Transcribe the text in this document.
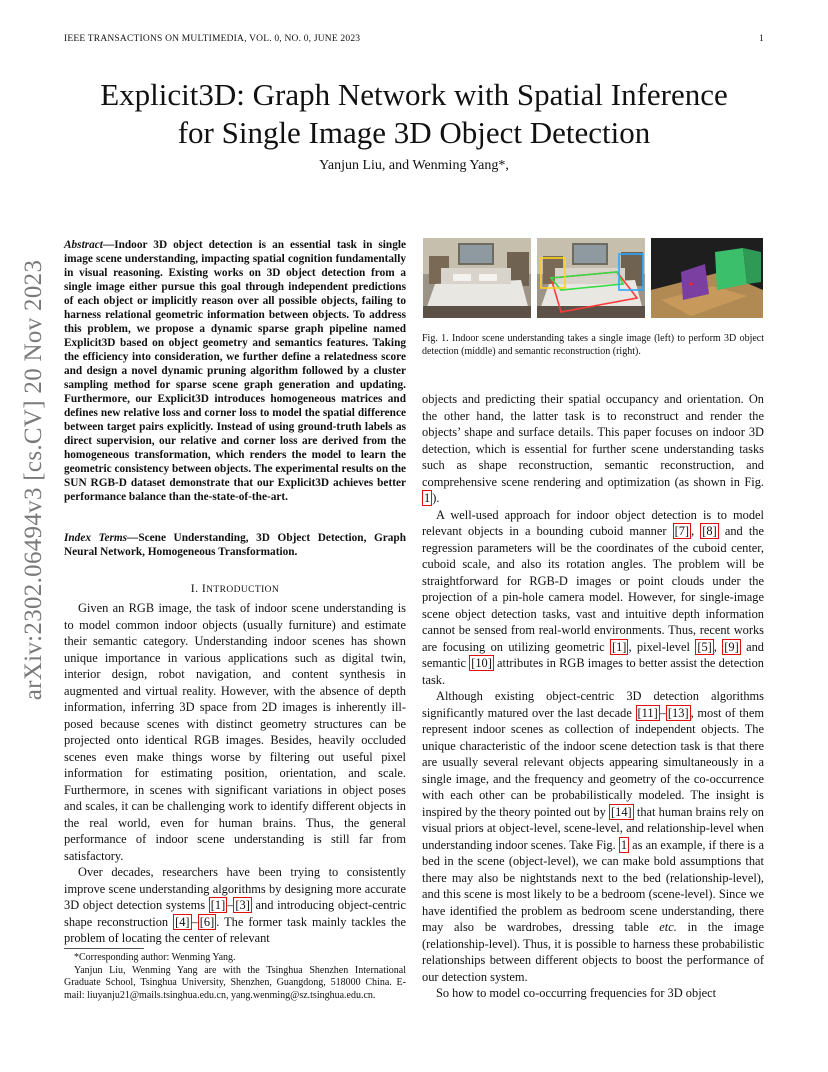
IEEE TRANSACTIONS ON MULTIMEDIA, VOL. 0, NO. 0, JUNE 2023	1
Explicit3D: Graph Network with Spatial Inference
for Single Image 3D Object Detection
Yanjun Liu, and Wenming Yang*,
arXiv:2302.06494v3 [cs.CV] 20 Nov 2023
Abstract—Indoor 3D object detection is an essential task in single image scene understanding, impacting spatial cognition fundamentally in visual reasoning. Existing works on 3D object detection from a single image either pursue this goal through independent predictions of each object or implicitly reason over all possible objects, failing to harness relational geometric information between objects. To address this problem, we propose a dynamic sparse graph pipeline named Explicit3D based on object geometry and semantics features. Taking the efficiency into consideration, we further define a relatedness score and design a novel dynamic pruning algorithm followed by a cluster sampling method for sparse scene graph generation and updating. Furthermore, our Explicit3D introduces homogeneous matrices and defines new relative loss and corner loss to model the spatial difference between target pairs explicitly. Instead of using ground-truth labels as direct supervision, our relative and corner loss are derived from the homogeneous transformation, which renders the model to learn the geometric consistency between objects. The experimental results on the SUN RGB-D dataset demonstrate that our Explicit3D achieves better performance balance than the-state-of-the-art.
Index Terms—Scene Understanding, 3D Object Detection, Graph Neural Network, Homogeneous Transformation.
I. INTRODUCTION

Given an RGB image, the task of indoor scene understanding is to model common indoor objects (usually furniture) and estimate their semantic category. Understanding indoor scenes has shown unique importance in various applications such as digital twin, interior design, robot navigation, and content synthesis in augmented and virtual reality. However, with the absence of depth information, inferring 3D space from 2D images is inherently ill-posed because scenes with distinct geometry structures can be projected onto identical RGB images. Besides, heavily occluded scenes even make things worse by filtering out useful pixel information for estimating position, orientation, and scale. Furthermore, in scenes with significant variations in object poses and scales, it can be challenging work to identify different objects in the real world, even for human brains. Thus, the general performance of indoor scene understanding is still far from satisfactory.

Over decades, researchers have been trying to consistently improve scene understanding algorithms by designing more accurate 3D object detection systems [1] – [3] and introducing object-centric shape reconstruction [4] – [6] . The former task mainly tackles the problem of locating the center of relevant

*Corresponding author: Wenming Yang.

Yanjun Liu, Wenming Yang are with the Tsinghua Shenzhen International Graduate School, Tsinghua University, Shenzhen, Guangdong, 518000 China. E-mail: liuyanju21@mails.tsinghua.edu.cn, yang.wenming@sz.tsinghua.edu.cn.

Fig. 1. Indoor scene understanding takes a single image (left) to perform 3D object detection (middle) and semantic reconstruction (right).

objects and predicting their spatial occupancy and orientation. On the other hand, the latter task is to reconstruct and render the objects’ shape and surface details. This paper focuses on indoor 3D detection, which is essential for further scene understanding tasks such as shape reconstruction, semantic reconstruction, and comprehensive scene rendering and optimization (as shown in Fig. 1 ).

A well-used approach for indoor object detection is to model relevant objects in a bounding cuboid manner [7] , [8] and the regression parameters will be the coordinates of the cuboid center, cuboid scale, and also its rotation angles. The problem will be straightforward for RGB-D images or point clouds under the projection of a pin-hole camera model. However, for single-image scene object detection tasks, vast and intuitive depth information cannot be sensed from real-world environments. Thus, recent works are focusing on utilizing geometric [1] , pixel-level [5] , [9] and semantic [10] attributes in RGB images to better assist the detection task.

Although existing object-centric 3D detection algorithms significantly matured over the last decade [11] – [13] , most of them represent indoor scenes as collection of independent objects. The unique characteristic of the indoor scene detection task is that there are usually several relevant objects appearing simultaneously in a single image, and the frequency and geometry of the co-occurrence with each other can be probabilistically modeled. The insight is inspired by the theory pointed out by [14] that human brains rely on visual priors at object-level, scene-level, and relationship-level when understanding indoor scenes. Take Fig. 1 as an example, if there is a bed in the scene (object-level), we can make bold assumptions that there may also be nightstands next to the bed (relationship-level), and this scene is most likely to be a bedroom (scene-level). Since we have identified the problem as bedroom scene understanding, there may also be wardrobes, dressing table etc. in the image (relationship-level). Thus, it is possible to harness these probabilistic relationships between different objects to boost the performance of our detection system.

So how to model co-occurring frequencies for 3D object
